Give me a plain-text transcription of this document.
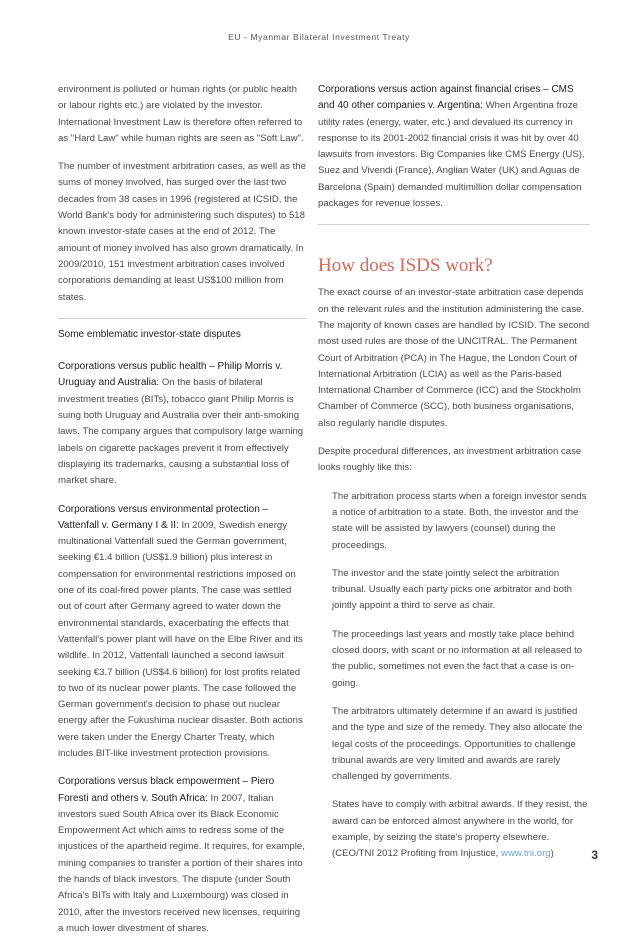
EU - Myanmar Bilateral Investment Treaty

environment is polluted or human rights (or public health or labour rights etc.) are violated by the investor. International Investment Law is therefore often referred to as "Hard Law" while human rights are seen as "Soft Law".

The number of investment arbitration cases, as well as the sums of money involved, has surged over the last two decades from 38 cases in 1996 (registered at ICSID, the World Bank's body for administering such disputes) to 518 known investor-state cases at the end of 2012. The amount of money involved has also grown dramatically. In 2009/2010, 151 investment arbitration cases involved corporations demanding at least US$100 million from states.

Some emblematic investor-state disputes

Corporations versus public health – Philip Morris v. Uruguay and Australia: On the basis of bilateral investment treaties (BITs), tobacco giant Philip Morris is suing both Uruguay and Australia over their anti-smoking laws. The company argues that compulsory large warning labels on cigarette packages prevent it from effectively displaying its trademarks, causing a substantial loss of market share.

Corporations versus environmental protection – Vattenfall v. Germany I & II: In 2009, Swedish energy multinational Vattenfall sued the German government, seeking €1.4 billion (US$1.9 billion) plus interest in compensation for environmental restrictions imposed on one of its coal-fired power plants. The case was settled out of court after Germany agreed to water down the environmental standards, exacerbating the effects that Vattenfall's power plant will have on the Elbe River and its wildlife. In 2012, Vattenfall launched a second lawsuit seeking €3.7 billion (US$4.6 billion) for lost profits related to two of its nuclear power plants. The case followed the German government's decision to phase out nuclear energy after the Fukushima nuclear disaster. Both actions were taken under the Energy Charter Treaty, which includes BIT-like investment protection provisions.

Corporations versus black empowerment – Piero Foresti and others v. South Africa: In 2007, Italian investors sued South Africa over its Black Economic Empowerment Act which aims to redress some of the injustices of the apartheid regime. It requires, for example, mining companies to transfer a portion of their shares into the hands of black investors. The dispute (under South Africa's BITs with Italy and Luxembourg) was closed in 2010, after the investors received new licenses, requiring a much lower divestment of shares.

Corporations versus action against financial crises – CMS and 40 other companies v. Argentina: When Argentina froze utility rates (energy, water, etc.) and devalued its currency in response to its 2001-2002 financial crisis it was hit by over 40 lawsuits from investors. Big Companies like CMS Energy (US), Suez and Vivendi (France), Anglian Water (UK) and Aguas de Barcelona (Spain) demanded multimillion dollar compensation packages for revenue losses.

How does ISDS work?

The exact course of an investor-state arbitration case depends on the relevant rules and the institution administering the case. The majority of known cases are handled by ICSID. The second most used rules are those of the UNCITRAL. The Permanent Court of Arbitration (PCA) in The Hague, the London Court of International Arbitration (LCIA) as well as the Paris-based International Chamber of Commerce (ICC) and the Stockholm Chamber of Commerce (SCC), both business organisations, also regularly handle disputes.

Despite procedural differences, an investment arbitration case looks roughly like this:

The arbitration process starts when a foreign investor sends a notice of arbitration to a state. Both, the investor and the state will be assisted by lawyers (counsel) during the proceedings.

The investor and the state jointly select the arbitration tribunal. Usually each party picks one arbitrator and both jointly appoint a third to serve as chair.

The proceedings last years and mostly take place behind closed doors, with scant or no information at all released to the public, sometimes not even the fact that a case is on-going.

The arbitrators ultimately determine if an award is justified and the type and size of the remedy. They also allocate the legal costs of the proceedings. Opportunities to challenge tribunal awards are very limited and awards are rarely challenged by governments.

States have to comply with arbitral awards. If they resist, the award can be enforced almost anywhere in the world, for example, by seizing the state's property elsewhere. (CEO/TNI 2012 Profiting from Injustice, www.tni.org)	3
